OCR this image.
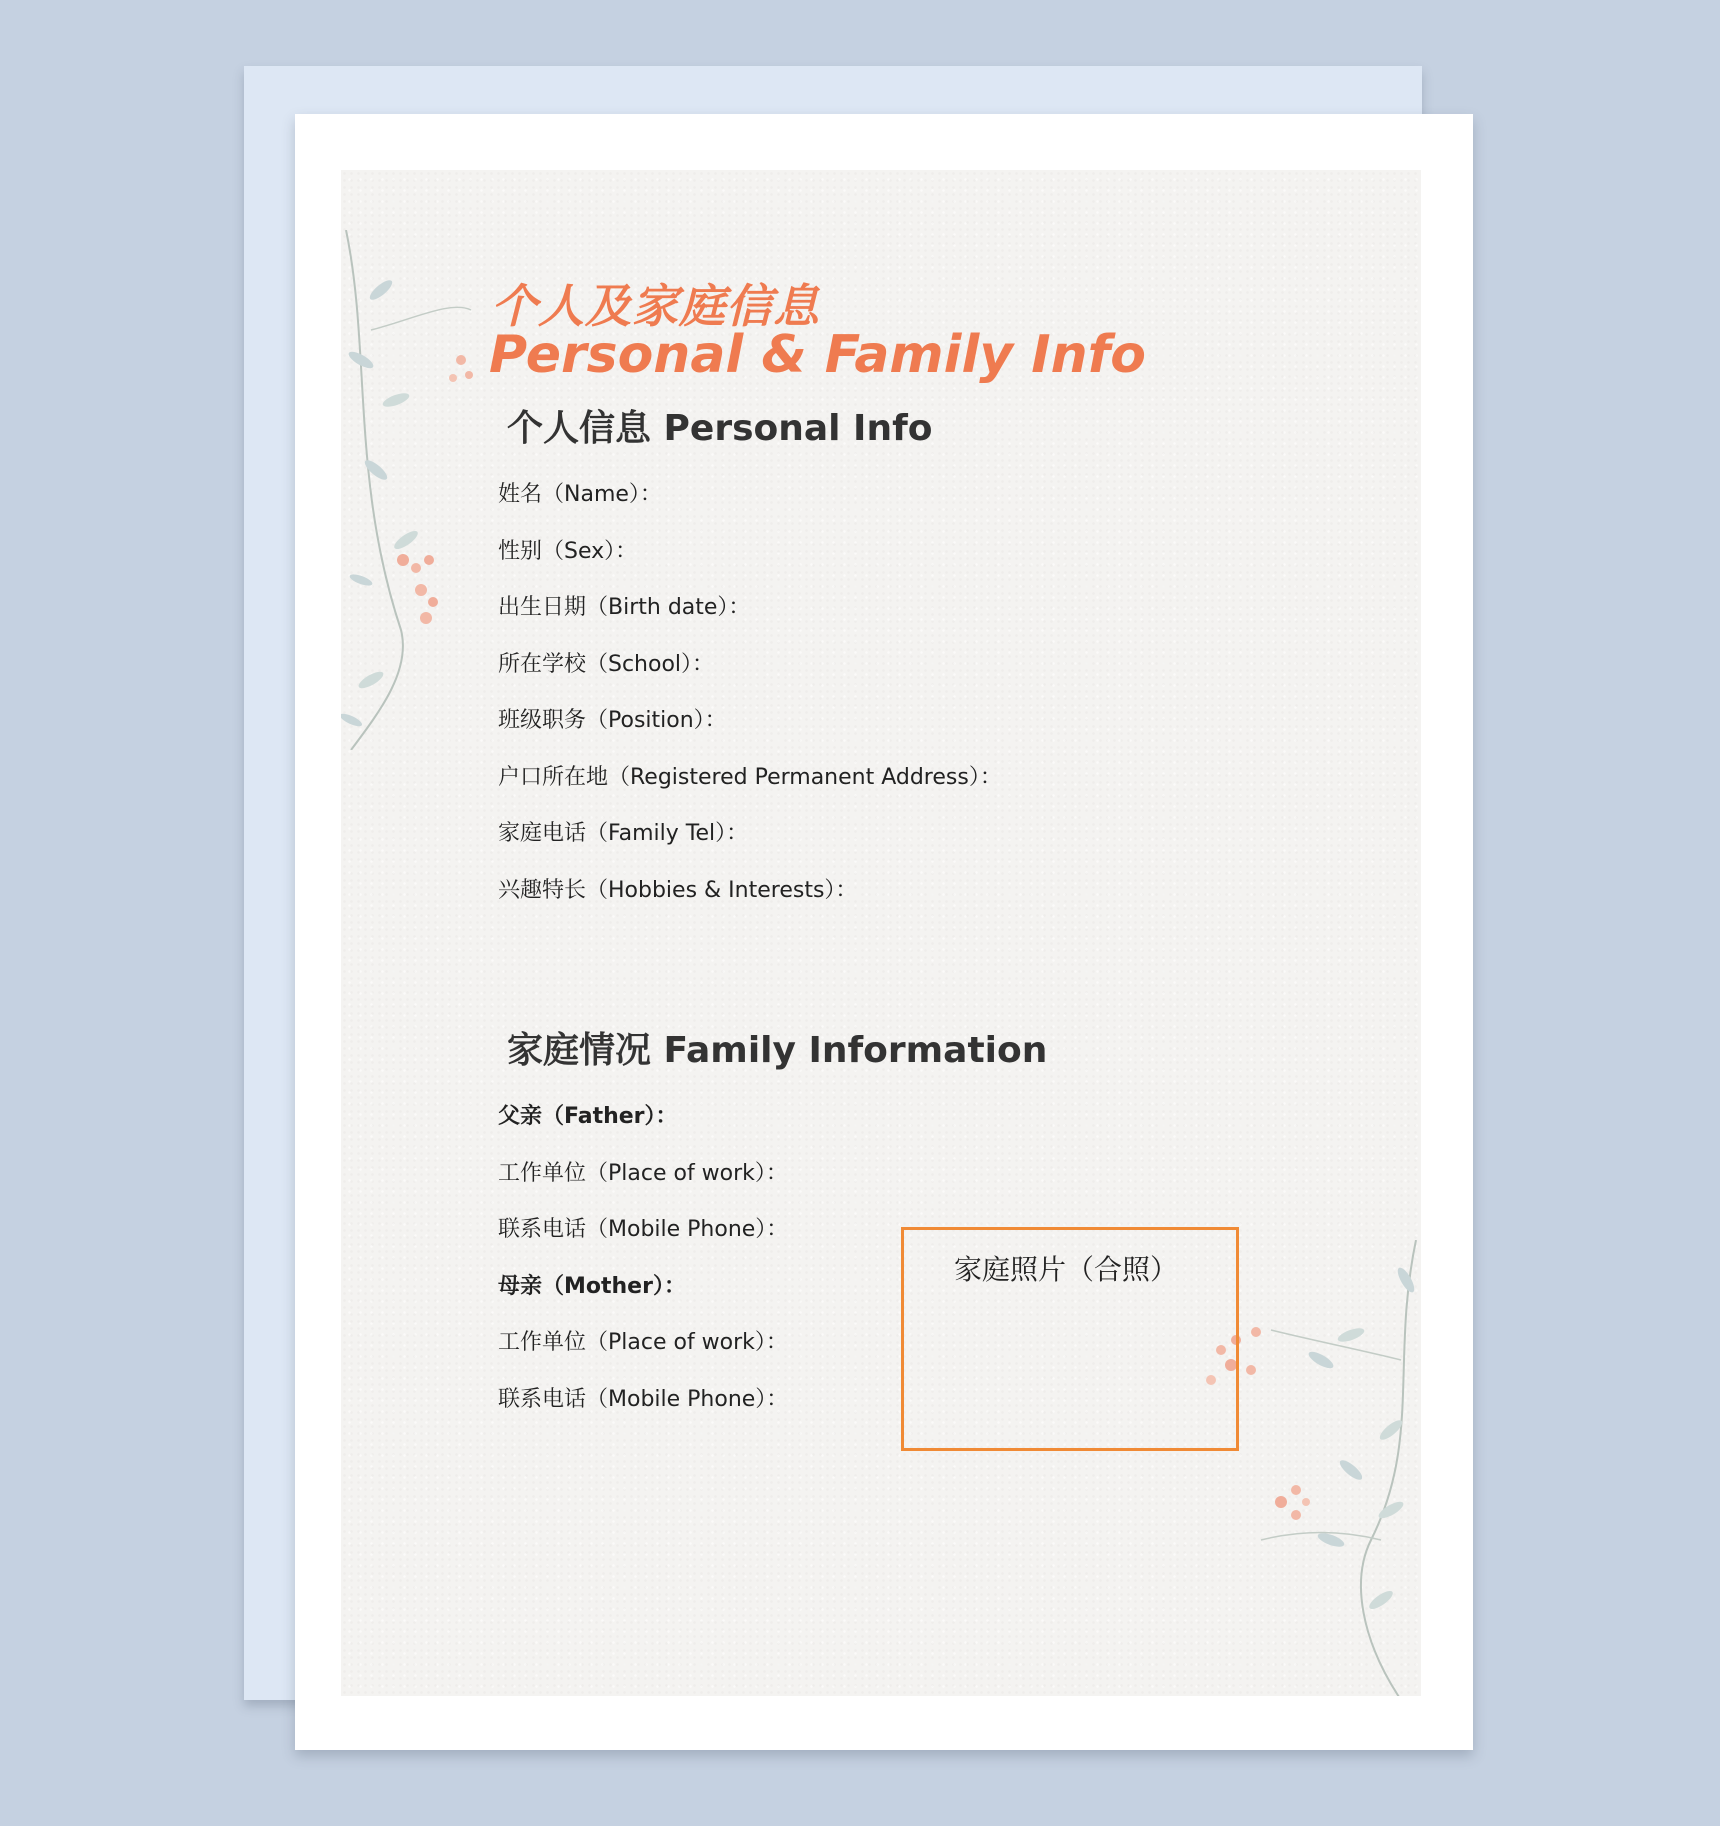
个人及家庭信息
Personal & Family Info
个人信息 Personal Info
姓名（Name）：
性别（Sex）：
出生日期（Birth date）：
所在学校（School）：
班级职务（Position）：
户口所在地（Registered Permanent Address）：
家庭电话（Family Tel）：
兴趣特长（Hobbies & Interests）：
家庭情况 Family Information
父亲（Father）：
工作单位（Place of work）：
联系电话（Mobile Phone）：
母亲（Mother）：
工作单位（Place of work）：
联系电话（Mobile Phone）：
家庭照片（合照）
